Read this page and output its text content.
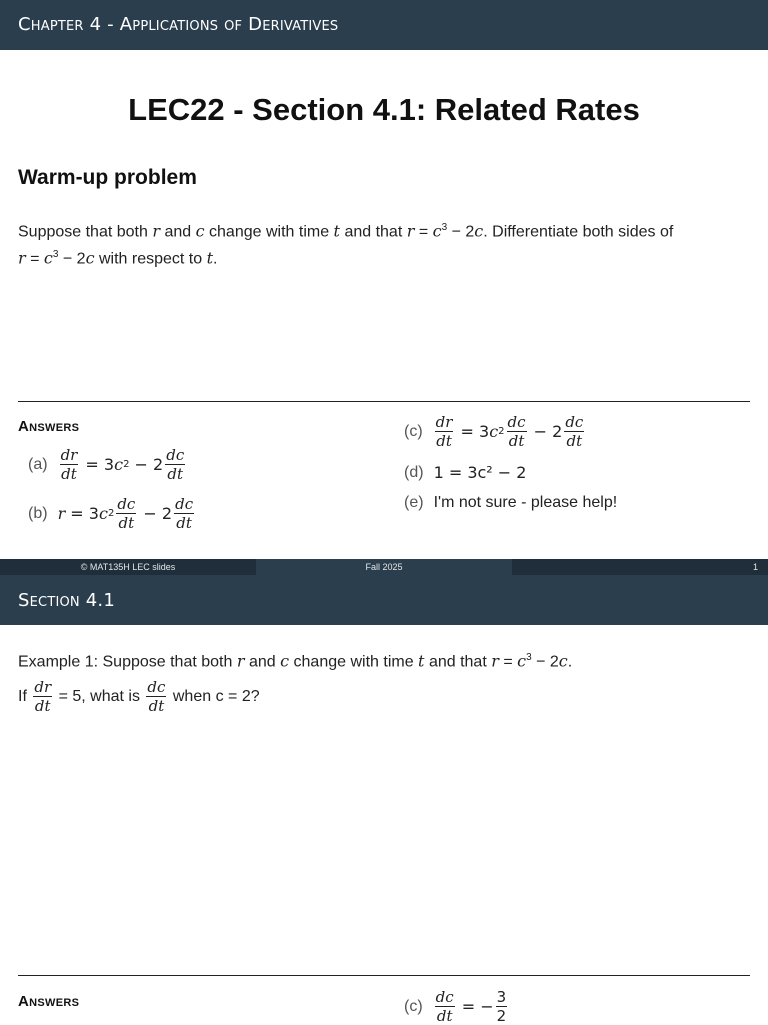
Chapter 4 - Applications of Derivatives
LEC22 - Section 4.1: Related Rates
Warm-up problem
Suppose that both r and c change with time t and that $r = c^3 - 2c$. Differentiate both sides of
$r = c^3 - 2c$ with respect to t.
Answers
$(a) \frac{dr}{dt} = 3$ c $2 - 2 \frac{dc}{dt}$
(b) r = 3 c $2 \frac{dc}{dt} - 2 \frac{dc}{dt}$
$(c) \frac{dr}{dt} = 3$ c $2 \frac{dc}{dt} - 2 \frac{dc}{dt}$
(d) 1 = 3c² − 2
(e) I'm not sure - please help!
© MAT135H LEC slides	Fall 2025	1
Section 4.1
Example 1: Suppose that both r and c change with time t and that $r = c^3 - 2c$.
If
$\frac{dr}{dt}$
= 5, what is
$\frac{dc}{dt}$
when
c = 2?
Answers	$(c) \frac{dc}{dt}$ = − $\frac{3}{2}$
